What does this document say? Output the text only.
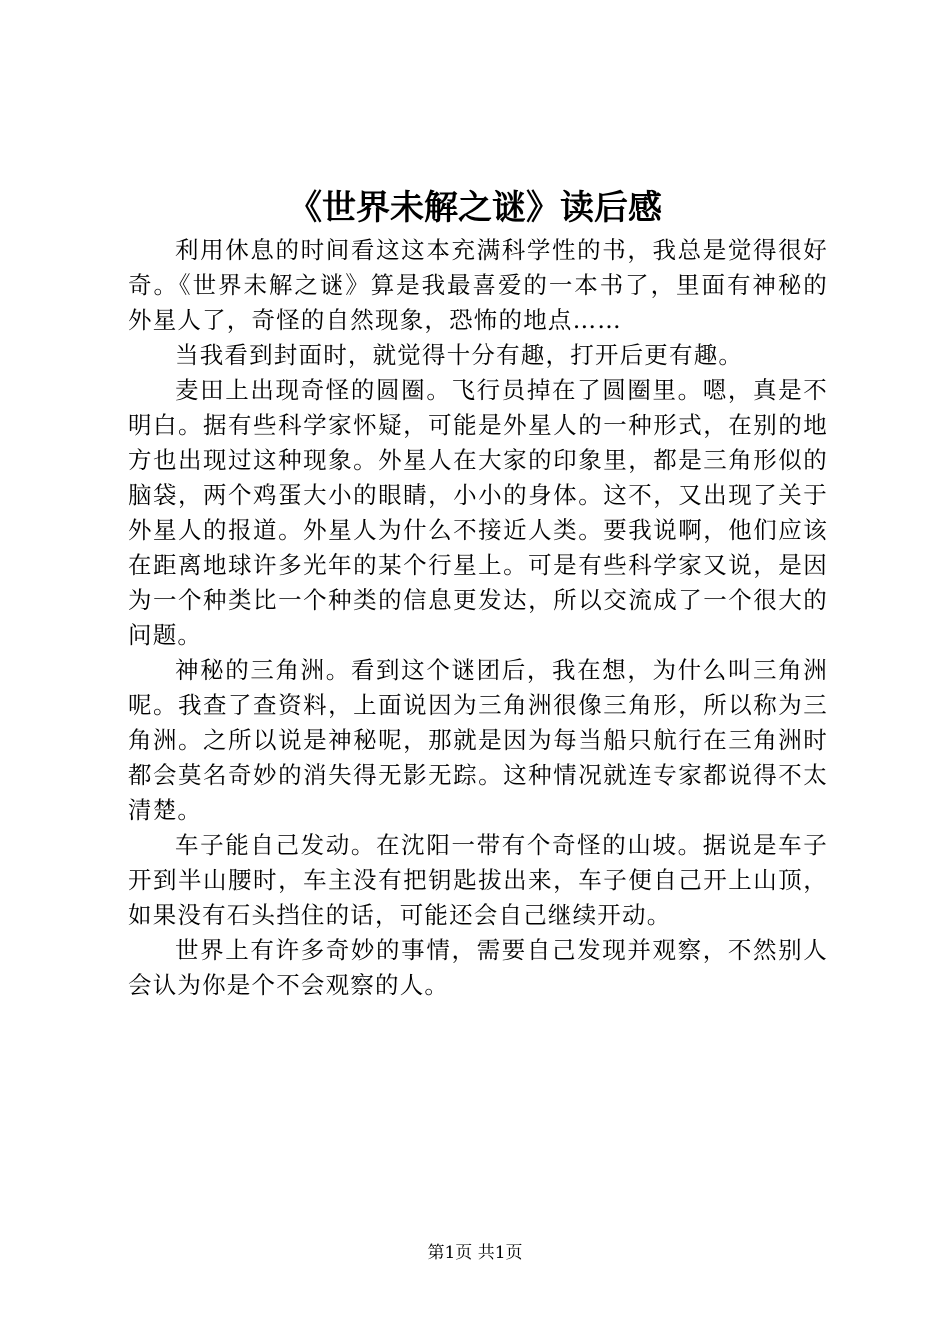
《世界未解之谜》读后感

利用休息的时间看这这本充满科学性的书，我总是觉得很好奇。《世界未解之谜》算是我最喜爱的一本书了，里面有神秘的外星人了，奇怪的自然现象，恐怖的地点……

当我看到封面时，就觉得十分有趣，打开后更有趣。

麦田上出现奇怪的圆圈。飞行员掉在了圆圈里。嗯，真是不明白。据有些科学家怀疑，可能是外星人的一种形式，在别的地方也出现过这种现象。外星人在大家的印象里，都是三角形似的脑袋，两个鸡蛋大小的眼睛，小小的身体。这不，又出现了关于外星人的报道。外星人为什么不接近人类。要我说啊，他们应该在距离地球许多光年的某个行星上。可是有些科学家又说，是因为一个种类比一个种类的信息更发达，所以交流成了一个很大的问题。

神秘的三角洲。看到这个谜团后，我在想，为什么叫三角洲呢。我查了查资料，上面说因为三角洲很像三角形，所以称为三角洲。之所以说是神秘呢，那就是因为每当船只航行在三角洲时都会莫名奇妙的消失得无影无踪。这种情况就连专家都说得不太清楚。

车子能自己发动。在沈阳一带有个奇怪的山坡。据说是车子开到半山腰时，车主没有把钥匙拔出来，车子便自己开上山顶，如果没有石头挡住的话，可能还会自己继续开动。

世界上有许多奇妙的事情，需要自己发现并观察，不然别人会认为你是个不会观察的人。

第1页 共1页
